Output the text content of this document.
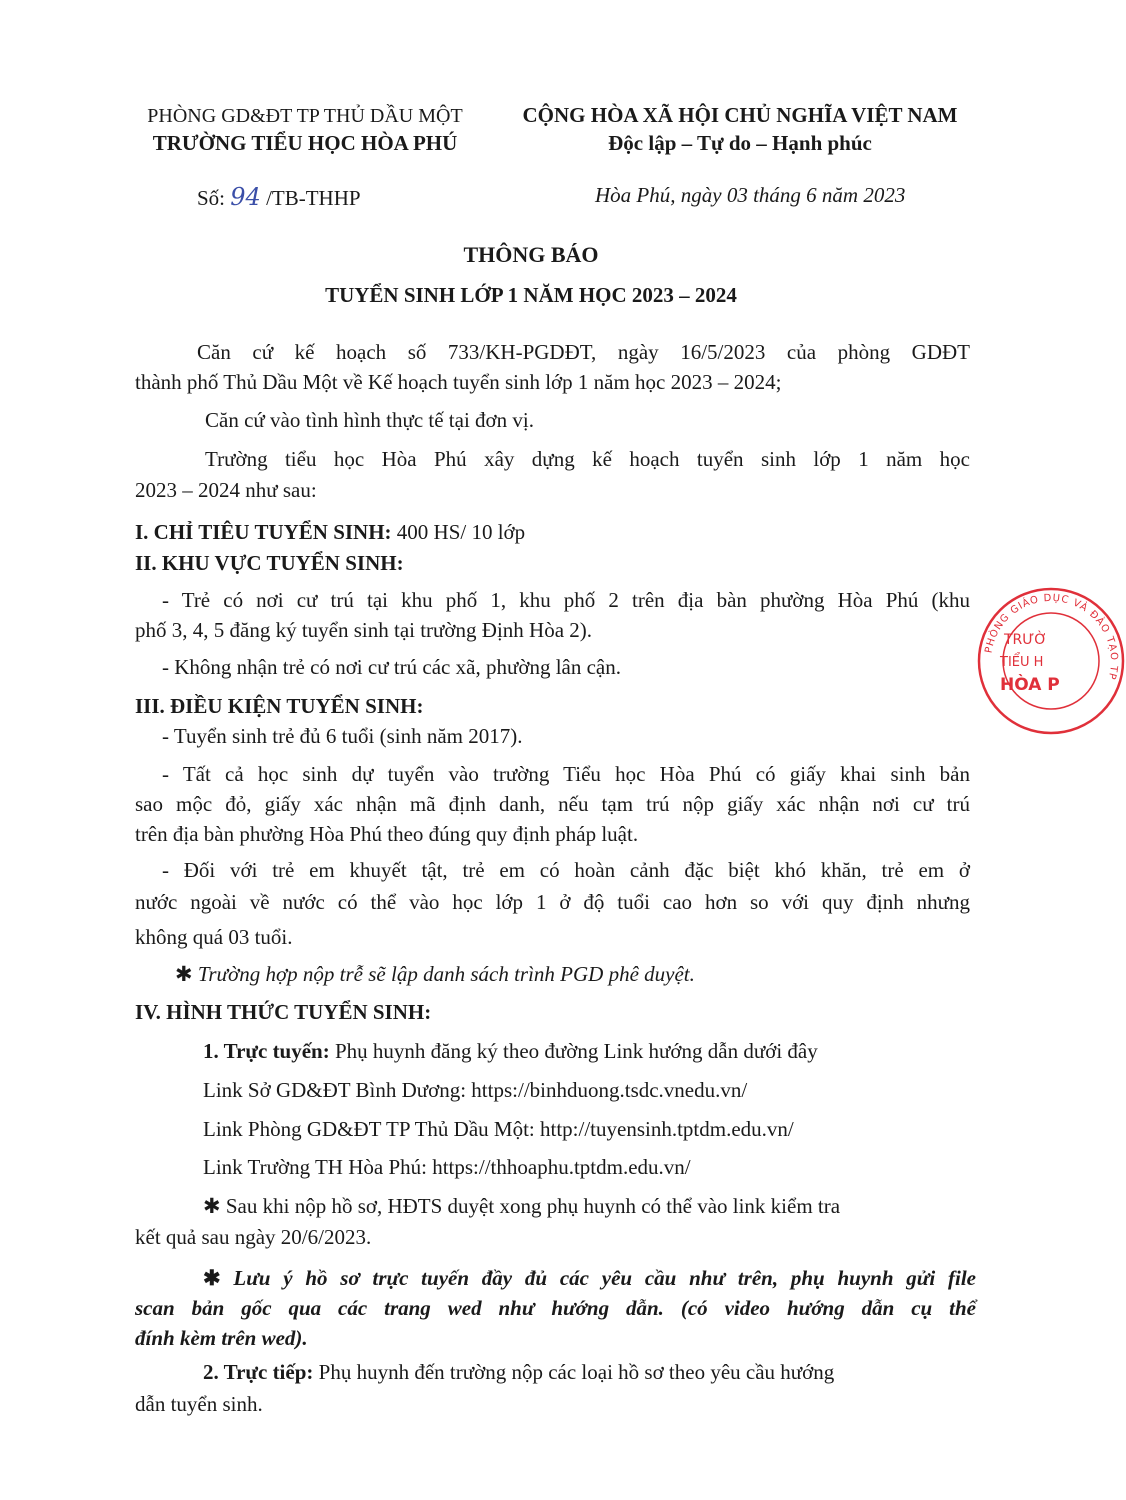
PHÒNG GD&ĐT TP THỦ DẦU MỘT
TRƯỜNG TIỂU HỌC HÒA PHÚ
CỘNG HÒA XÃ HỘI CHỦ NGHĨA VIỆT NAM
Độc lập – Tự do – Hạnh phúc
Số: 94 /TB-THHP	Hòa Phú, ngày 03 tháng 6 năm 2023
THÔNG BÁO
TUYỂN SINH LỚP 1 NĂM HỌC 2023 – 2024
Căn cứ kế hoạch số 733/KH-PGDĐT, ngày 16/5/2023 của phòng GDĐT
thành phố Thủ Dầu Một về Kế hoạch tuyển sinh lớp 1 năm học 2023 – 2024;
Căn cứ vào tình hình thực tế tại đơn vị.
Trường tiểu học Hòa Phú xây dựng kế hoạch tuyển sinh lớp 1 năm học
2023 – 2024 như sau:
I. CHỈ TIÊU TUYỂN SINH: 400 HS/ 10 lớp
II. KHU VỰC TUYỂN SINH:
- Trẻ có nơi cư trú tại khu phố 1, khu phố 2 trên địa bàn phường Hòa Phú (khu
phố 3, 4, 5 đăng ký tuyển sinh tại trường Định Hòa 2).
- Không nhận trẻ có nơi cư trú các xã, phường lân cận.
III. ĐIỀU KIỆN TUYỂN SINH:
- Tuyển sinh trẻ đủ 6 tuổi (sinh năm 2017).
- Tất cả học sinh dự tuyển vào trường Tiểu học Hòa Phú có giấy khai sinh bản
sao mộc đỏ, giấy xác nhận mã định danh, nếu tạm trú nộp giấy xác nhận nơi cư trú
trên địa bàn phường Hòa Phú theo đúng quy định pháp luật.
- Đối với trẻ em khuyết tật, trẻ em có hoàn cảnh đặc biệt khó khăn, trẻ em ở
nước ngoài về nước có thể vào học lớp 1 ở độ tuổi cao hơn so với quy định nhưng
không quá 03 tuổi.
✱ Trường hợp nộp trễ sẽ lập danh sách trình PGD phê duyệt.
IV. HÌNH THỨC TUYỂN SINH:
1. Trực tuyến: Phụ huynh đăng ký theo đường Link hướng dẫn dưới đây
Link Sở GD&ĐT Bình Dương: https://binhduong.tsdc.vnedu.vn/
Link Phòng GD&ĐT TP Thủ Dầu Một: http://tuyensinh.tptdm.edu.vn/
Link Trường TH Hòa Phú: https://thhoaphu.tptdm.edu.vn/
✱ Sau khi nộp hồ sơ, HĐTS duyệt xong phụ huynh có thể vào link kiểm tra
kết quả sau ngày 20/6/2023.
✱ Lưu ý hồ sơ trực tuyến đầy đủ các yêu cầu như trên, phụ huynh gửi file
scan bản gốc qua các trang wed như hướng dẫn. (có video hướng dẫn cụ thể
đính kèm trên wed).
2. Trực tiếp: Phụ huynh đến trường nộp các loại hồ sơ theo yêu cầu hướng
dẫn tuyển sinh.
PHÒNG GIÁO DỤC VÀ ĐÀO TẠO TP
TRƯỜ
TIỂU H
HÒA P
